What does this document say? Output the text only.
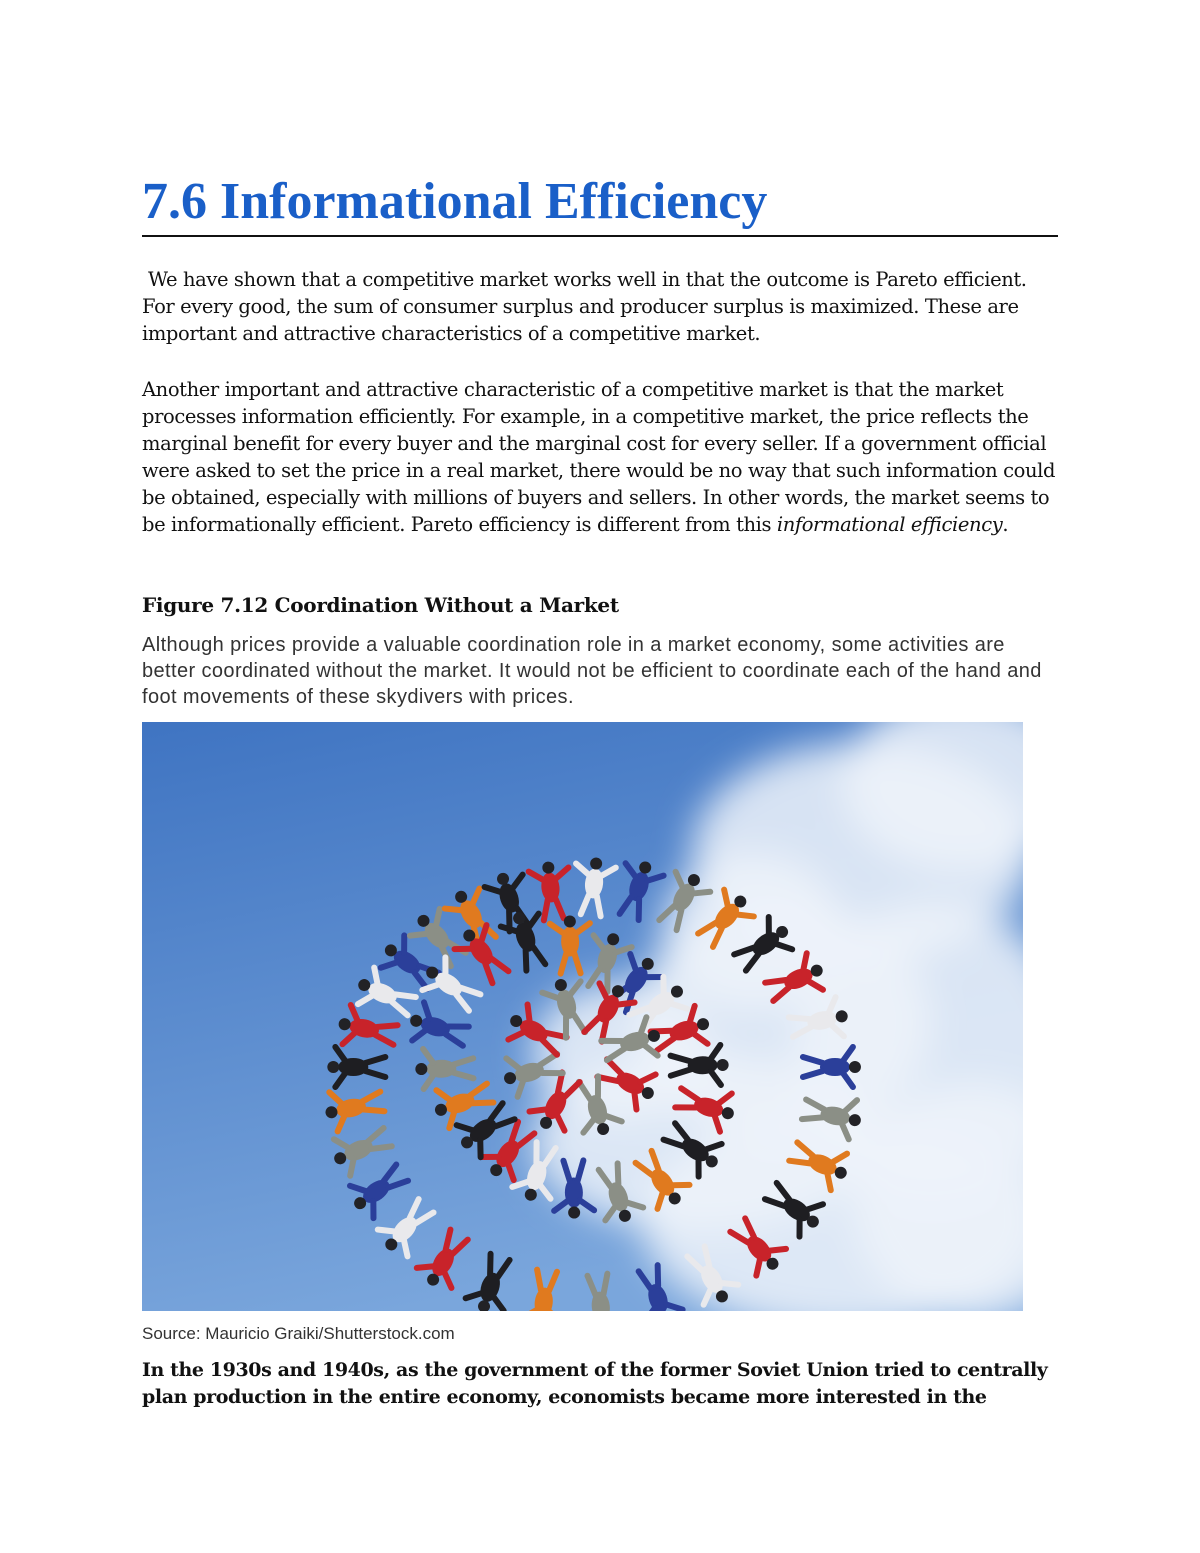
7.6 Informational Efficiency

We have shown that a competitive market works well in that the outcome is Pareto efficient. For every good, the sum of consumer surplus and producer surplus is maximized. These are important and attractive characteristics of a competitive market.

Another important and attractive characteristic of a competitive market is that the market processes information efficiently. For example, in a competitive market, the price reflects the marginal benefit for every buyer and the marginal cost for every seller. If a government official were asked to set the price in a real market, there would be no way that such information could be obtained, especially with millions of buyers and sellers. In other words, the market seems to be informationally efficient. Pareto efficiency is different from this informational efficiency.

Figure 7.12 Coordination Without a Market

Although prices provide a valuable coordination role in a market economy, some activities are better coordinated without the market. It would not be efficient to coordinate each of the hand and foot movements of these skydivers with prices.

Source: Mauricio Graiki/Shutterstock.com

In the 1930s and 1940s, as the government of the former Soviet Union tried to centrally plan production in the entire economy, economists became more interested in the
